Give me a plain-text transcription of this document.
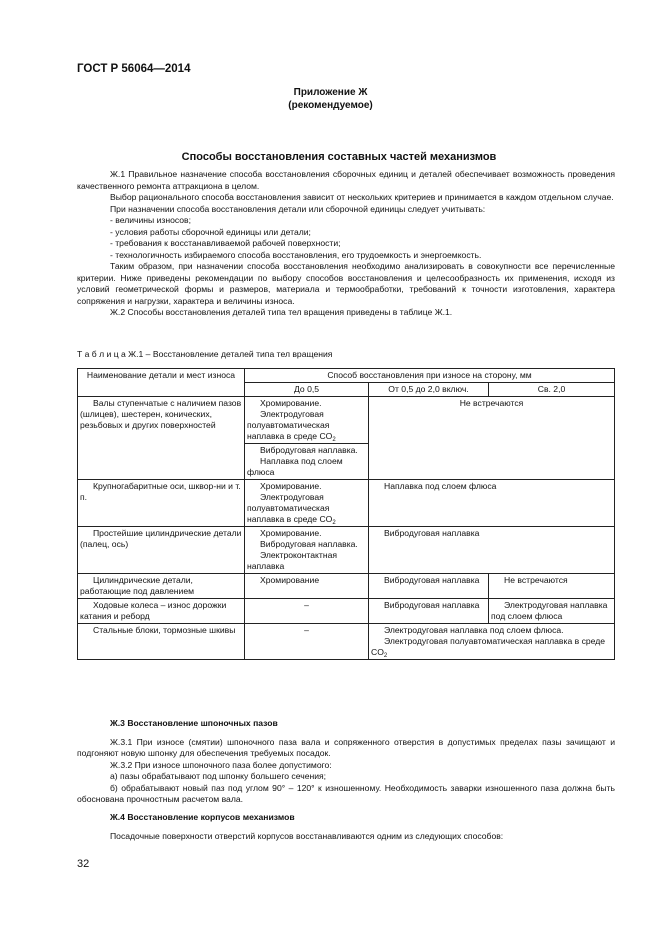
ГОСТ Р 56064—2014
Приложение Ж
(рекомендуемое)
Способы восстановления составных частей механизмов

Ж.1 Правильное назначение способа восстановления сборочных единиц и деталей обеспечивает возможность проведения качественного ремонта аттракциона в целом.

Выбор рационального способа восстановления зависит от нескольких критериев и принимается в каждом отдельном случае.

При назначении способа восстановления детали или сборочной единицы следует учитывать:

- величины износов;

- условия работы сборочной единицы или детали;

- требования к восстанавливаемой рабочей поверхности;

- технологичность избираемого способа восстановления, его трудоемкость и энергоемкость.

Таким образом, при назначении способа восстановления необходимо анализировать в совокупности все перечисленные критерии. Ниже приведены рекомендации по выбору способов восстановления и целесообразность их применения, исходя из условий геометрической формы и размеров, материала и термообработки, требований к точности изготовления, характера сопряжения и нагрузки, характера и величины износа.

Ж.2 Способы восстановления деталей типа тел вращения приведены в таблице Ж.1.

Т а б л и ц а Ж.1 – Восстановление деталей типа тел вращения
Наименование детали и мест износа	Способ восстановления при износе на сторону, мм		
	До 0,5	От 0,5 до 2,0 включ.	Св. 2,0

Валы ступенчатые с наличием пазов (шлицев), шестерен, конических, резьбовых и других поверхностей	Хромирование.
Электродуговая полуавтоматическая наплавка в среде $CO_2$	Не встречаются	

	Вибродуговая наплавка.
Наплавка под слоем флюса		

Крупногабаритные оси, шквор-ни и т. п.	Хромирование.
Электродуговая полуавтоматическая наплавка в среде $CO_2$	Наплавка под слоем флюса	

Простейшие цилиндрические детали (палец, ось)	Хромирование.
Вибродуговая наплавка.
Электроконтактная наплавка	Вибродуговая наплавка	

Цилиндрические детали, работающие под давлением	Хромирование	Вибродуговая наплавка	Не встречаются

Ходовые колеса – износ дорожки катания и реборд	–	Вибродуговая наплавка	Электродуговая наплавка под слоем флюса

Стальные блоки, тормозные шкивы	–	Электродуговая наплавка под слоем флюса.
Электродуговая полуавтоматическая наплавка в среде $CO_2$

Ж.3 Восстановление шпоночных пазов

Ж.3.1 При износе (смятии) шпоночного паза вала и сопряженного отверстия в допустимых пределах пазы зачищают и подгоняют новую шпонку для обеспечения требуемых посадок.

Ж.3.2 При износе шпоночного паза более допустимого:

а) пазы обрабатывают под шпонку большего сечения;

б) обрабатывают новый паз под углом 90° – 120° к изношенному. Необходимость заварки изношенного паза должна быть обоснована прочностным расчетом вала.

Ж.4 Восстановление корпусов механизмов

Посадочные поверхности отверстий корпусов восстанавливаются одним из следующих способов:

32
